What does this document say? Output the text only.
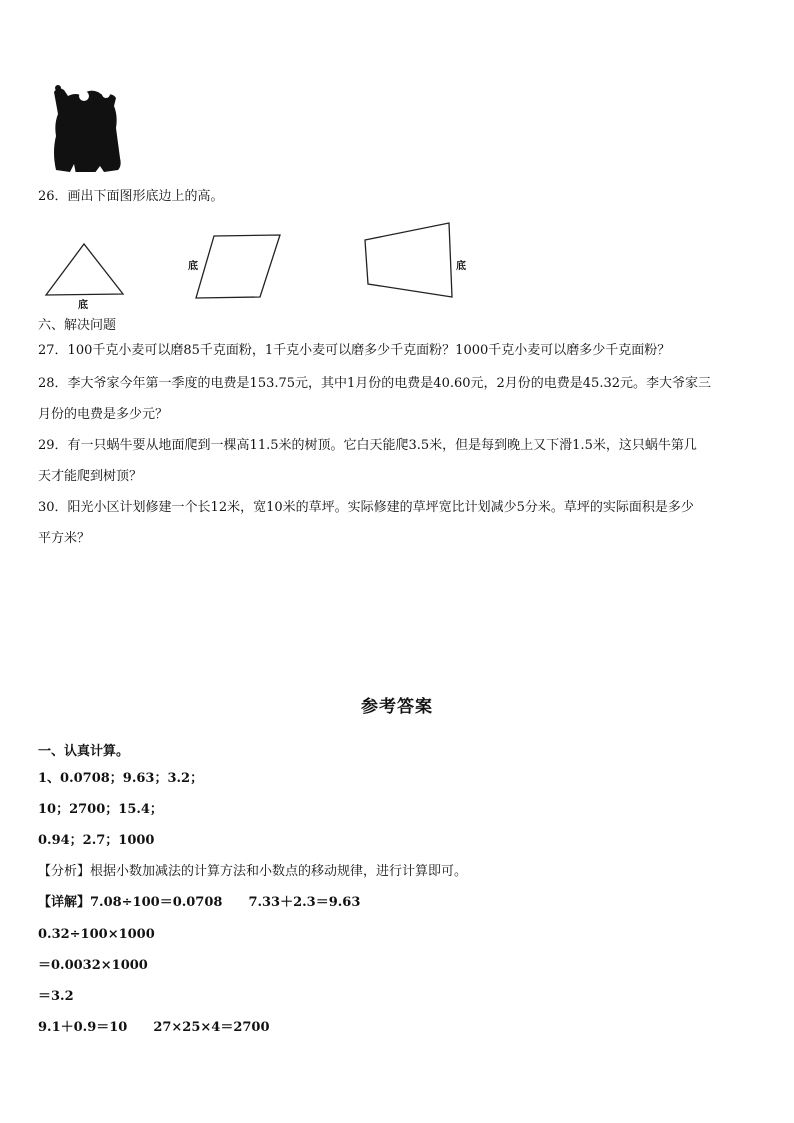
26．画出下面图形底边上的高。
底
底	底
六、解决问题
27．100千克小麦可以磨85千克面粉，1千克小麦可以磨多少千克面粉？1000千克小麦可以磨多少千克面粉？
28．李大爷家今年第一季度的电费是153.75元，其中1月份的电费是40.60元，2月份的电费是45.32元。李大爷家三
月份的电费是多少元？
29．有一只蜗牛要从地面爬到一棵高11.5米的树顶。它白天能爬3.5米，但是每到晚上又下滑1.5米，这只蜗牛第几
天才能爬到树顶？
30．阳光小区计划修建一个长12米，宽10米的草坪。实际修建的草坪宽比计划减少5分米。草坪的实际面积是多少
平方米？
参考答案
一、认真计算。
1、0.0708；9.63；3.2；
10；2700；15.4；
0.94；2.7；1000
【分析】根据小数加减法的计算方法和小数点的移动规律，进行计算即可。
【详解】7.08÷100＝0.0708　　7.33＋2.3＝9.63
0.32÷100×1000
＝0.0032×1000
＝3.2
9.1＋0.9＝10　　27×25×4＝2700
